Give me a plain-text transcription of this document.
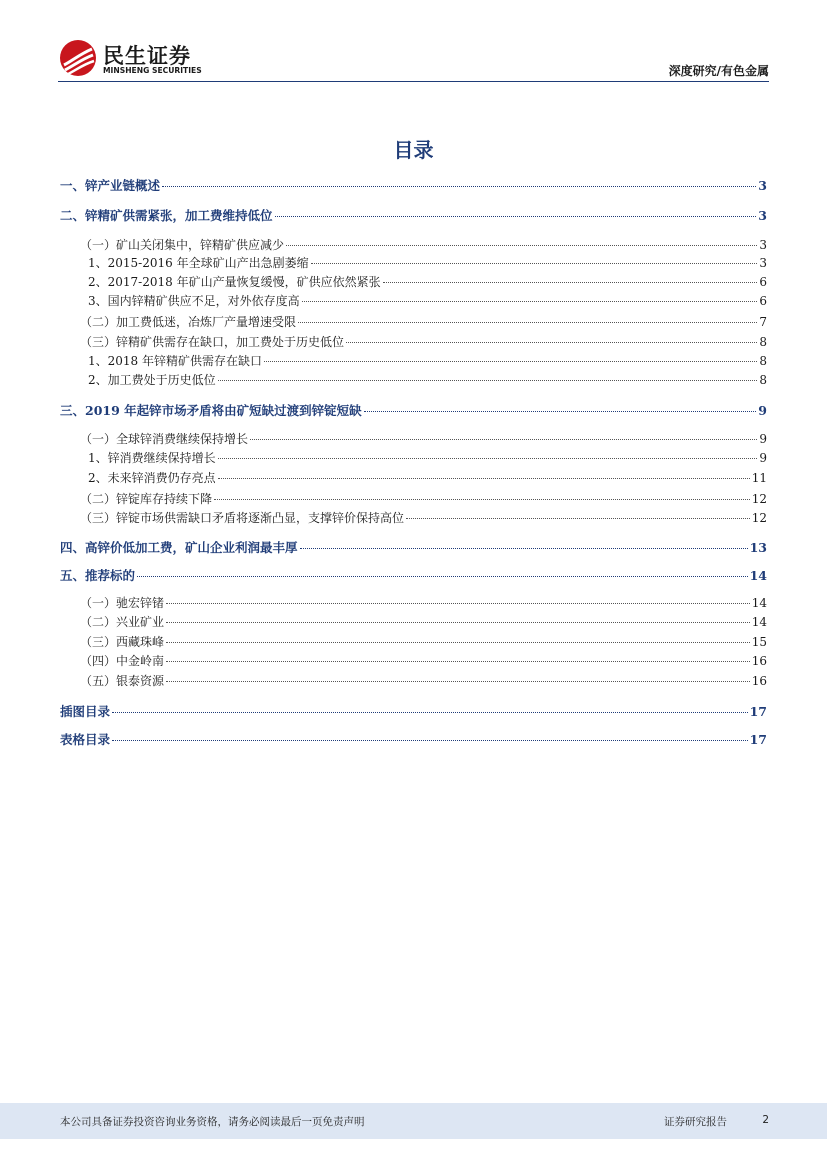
民生证券
MINSHENG SECURITIES	深度研究/有色金属
目录
一、锌产业链概述	3
二、锌精矿供需紧张，加工费维持低位	3
（一）矿山关闭集中，锌精矿供应减少	3
1、2015-2016 年全球矿山产出急剧萎缩	3
2、2017-2018 年矿山产量恢复缓慢，矿供应依然紧张	6
3、国内锌精矿供应不足，对外依存度高	6
（二）加工费低迷，冶炼厂产量增速受限	7
（三）锌精矿供需存在缺口，加工费处于历史低位	8
1、2018 年锌精矿供需存在缺口	8
2、加工费处于历史低位	8
三、2019 年起锌市场矛盾将由矿短缺过渡到锌锭短缺	9
（一）全球锌消费继续保持增长	9
1、锌消费继续保持增长	9
2、未来锌消费仍存亮点	11
（二）锌锭库存持续下降	12
（三）锌锭市场供需缺口矛盾将逐渐凸显，支撑锌价保持高位	12
四、高锌价低加工费，矿山企业利润最丰厚	13
五、推荐标的	14
（一）驰宏锌锗	14
（二）兴业矿业	14
（三）西藏珠峰	15
（四）中金岭南	16
（五）银泰资源	16
插图目录	17
表格目录	17
本公司具备证券投资咨询业务资格，请务必阅读最后一页免责声明	证券研究报告	2
